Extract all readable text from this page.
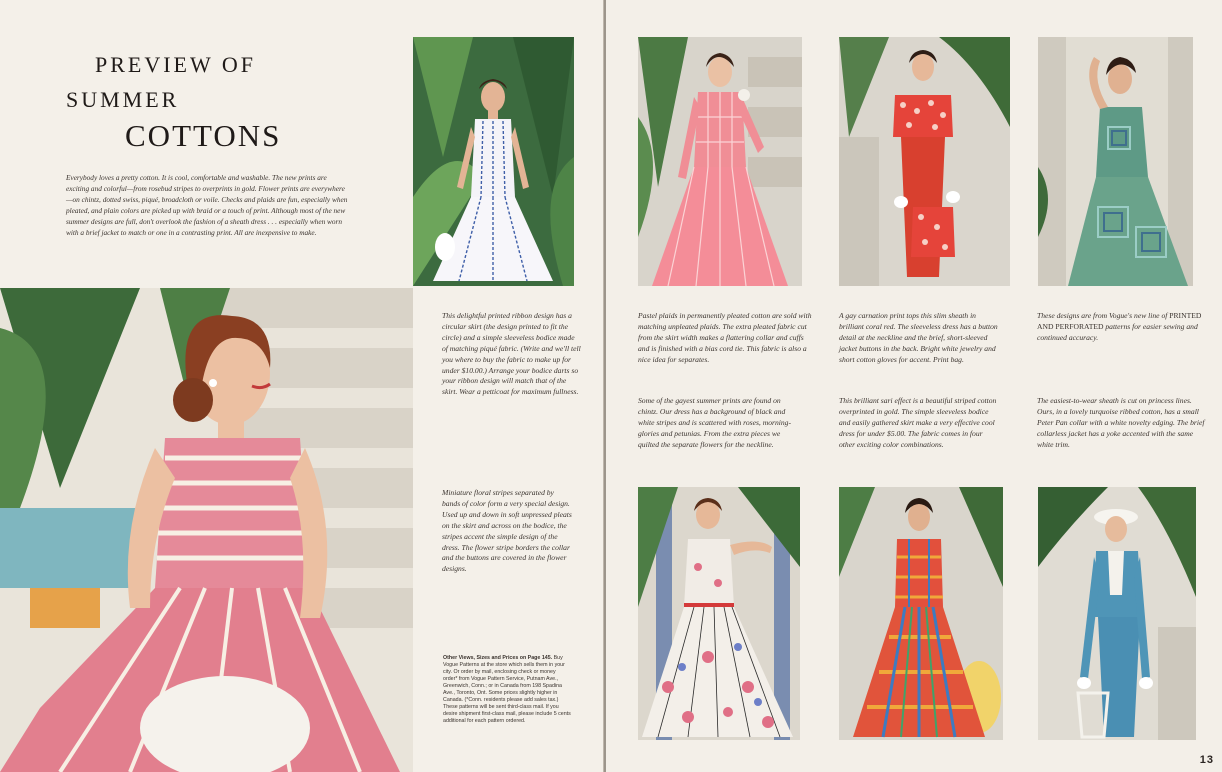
PREVIEW OF
SUMMER
COTTONS

Everybody loves a pretty cotton. It is cool, comfortable and washable. The new prints are exciting and colorful—from rosebud stripes to overprints in gold. Flower prints are everywhere—on chintz, dotted swiss, piqué, broadcloth or voile. Checks and plaids are fun, especially when pleated, and plain colors are picked up with braid or a touch of print. Although most of the new summer designs are full, don't overlook the fashion of a sheath dress . . . especially when worn with a brief jacket to match or one in a contrasting print. All are inexpensive to make.

This delightful printed ribbon design has a circular skirt (the design printed to fit the circle) and a simple sleeveless bodice made of matching piqué fabric. (Write and we'll tell you where to buy the fabric to make up for under $10.00.) Arrange your bodice darts so your ribbon design will match that of the skirt. Wear a petticoat for maximum fullness.

Miniature floral stripes separated by bands of color form a very special design. Used up and down in soft unpressed pleats on the skirt and across on the bodice, the stripes accent the simple design of the dress. The flower stripe borders the collar and the buttons are covered in the flower designs.

Other Views, Sizes and Prices on Page 145. Buy Vogue Patterns at the store which sells them in your city. Or order by mail, enclosing check or money order* from Vogue Pattern Service, Putnam Ave., Greenwich, Conn.; or in Canada from 198 Spadina Ave., Toronto, Ont. Some prices slightly higher in Canada. (*Conn. residents please add sales tax.) These patterns will be sent third-class mail. If you desire shipment first-class mail, please include 5 cents additional for each pattern ordered.

Pastel plaids in permanently pleated cotton are sold with matching unpleated plaids. The extra pleated fabric cut from the skirt width makes a flattering collar and cuffs and is finished with a bias cord tie. This fabric is also a nice idea for separates.

A gay carnation print tops this slim sheath in brilliant coral red. The sleeveless dress has a button detail at the neckline and the brief, short-sleeved jacket buttons in the back. Bright white jewelry and short cotton gloves for accent. Print bag.

These designs are from Vogue's new line of PRINTED AND PERFORATED patterns for easier sewing and continued accuracy.

Some of the gayest summer prints are found on chintz. Our dress has a background of black and white stripes and is scattered with roses, morning-glories and petunias. From the extra pieces we quilted the separate flowers for the neckline.

This brilliant sari effect is a beautiful striped cotton overprinted in gold. The simple sleeveless bodice and easily gathered skirt make a very effective cool dress for under $5.00. The fabric comes in four other exciting color combinations.

The easiest-to-wear sheath is cut on princess lines. Ours, in a lovely turquoise ribbed cotton, has a small Peter Pan collar with a white novelty edging. The brief collarless jacket has a yoke accented with the same white trim.

13
